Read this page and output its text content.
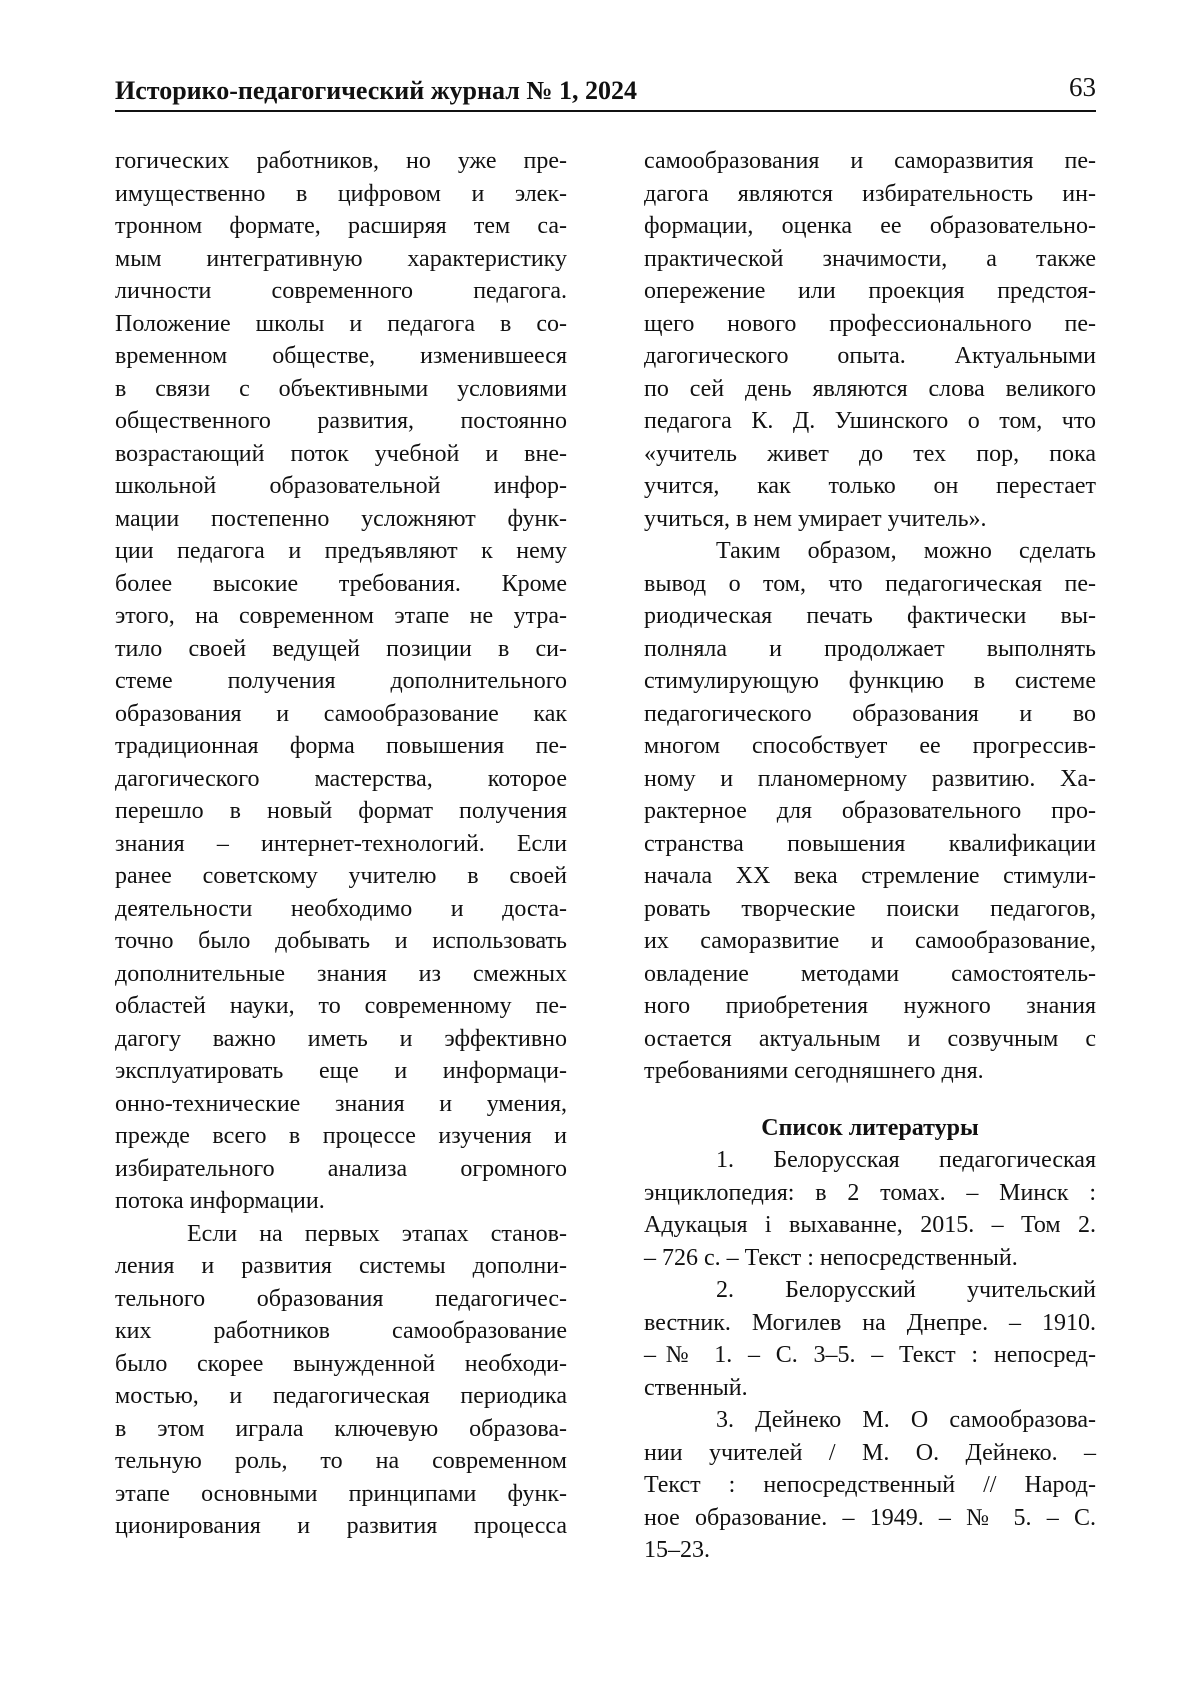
Историко-педагогический журнал № 1, 2024	63
гогических работников, но уже пре-
имущественно в цифровом и элек-
тронном формате, расширяя тем са-
мым интегративную характеристику
личности современного педагога.
Положение школы и педагога в со-
временном обществе, изменившееся
в связи с объективными условиями
общественного развития, постоянно
возрастающий поток учебной и вне-
школьной образовательной инфор-
мации постепенно усложняют функ-
ции педагога и предъявляют к нему
более высокие требования. Кроме
этого, на современном этапе не утра-
тило своей ведущей позиции в си-
стеме получения дополнительного
образования и самообразование как
традиционная форма повышения пе-
дагогического мастерства, которое
перешло в новый формат получения
знания – интернет-технологий. Если
ранее советскому учителю в своей
деятельности необходимо и доста-
точно было добывать и использовать
дополнительные знания из смежных
областей науки, то современному пе-
дагогу важно иметь и эффективно
эксплуатировать еще и информаци-
онно-технические знания и умения,
прежде всего в процессе изучения и
избирательного анализа огромного
потока информации.
Если на первых этапах станов-
ления и развития системы дополни-
тельного образования педагогичес-
ких работников самообразование
было скорее вынужденной необходи-
мостью, и педагогическая периодика
в этом играла ключевую образова-
тельную роль, то на современном
этапе основными принципами функ-
ционирования и развития процесса
самообразования и саморазвития пе-
дагога являются избирательность ин-
формации, оценка ее образовательно-
практической значимости, а также
опережение или проекция предстоя-
щего нового профессионального пе-
дагогического опыта. Актуальными
по сей день являются слова великого
педагога К. Д. Ушинского о том, что
«учитель живет до тех пор, пока
учится, как только он перестает
учиться, в нем умирает учитель».
Таким образом, можно сделать
вывод о том, что педагогическая пе-
риодическая печать фактически вы-
полняла и продолжает выполнять
стимулирующую функцию в системе
педагогического образования и во
многом способствует ее прогрессив-
ному и планомерному развитию. Ха-
рактерное для образовательного про-
странства повышения квалификации
начала XX века стремление стимули-
ровать творческие поиски педагогов,
их саморазвитие и самообразование,
овладение методами самостоятель-
ного приобретения нужного знания
остается актуальным и созвучным с
требованиями сегодняшнего дня.
Список литературы
1. Белорусская педагогическая
энциклопедия: в 2 томах. – Минск :
Адукацыя і выхаванне, 2015. – Том 2.
– 726 с. – Текст : непосредственный.
2. Белорусский учительский
вестник. Могилев на Днепре. – 1910.
–№ 1. – С. 3–5. – Текст : непосред-
ственный.
3. Дейнеко М. О самообразова-
нии учителей / М. О. Дейнеко. –
Текст : непосредственный // Народ-
ное образование. – 1949. – № 5. – С.
15–23.
